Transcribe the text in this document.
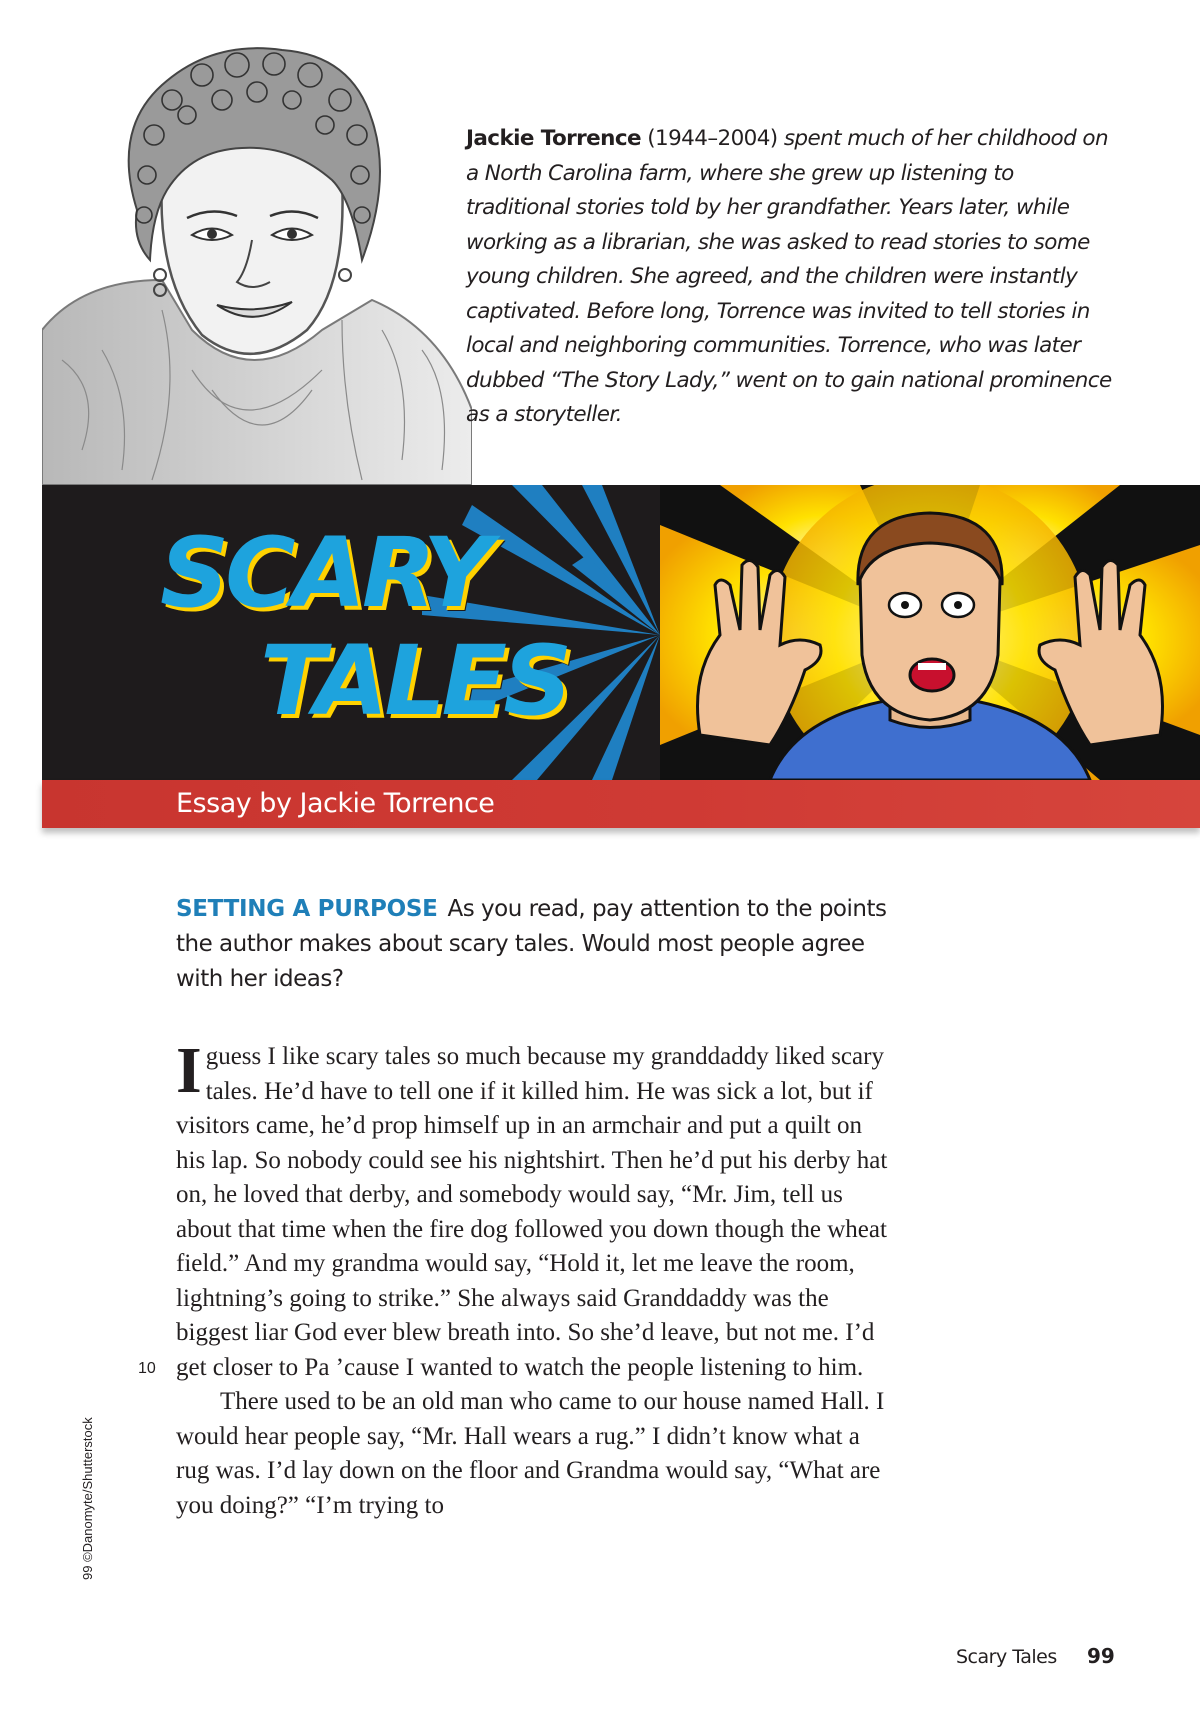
Jackie Torrence (1944–2004) spent much of her childhood on a North Carolina farm, where she grew up listening to traditional stories told by her grandfather. Years later, while working as a librarian, she was asked to read stories to some young children. She agreed, and the children were instantly captivated. Before long, Torrence was invited to tell stories in local and neighboring communities. Torrence, who was later dubbed “The Story Lady,” went on to gain national prominence as a storyteller.
SCARY
TALES
Essay by Jackie Torrence
SETTING A PURPOSE As you read, pay attention to the points the author makes about scary tales. Would most people agree with her ideas?

I guess I like scary tales so much because my granddaddy liked scary tales. He’d have to tell one if it killed him. He was sick a lot, but if visitors came, he’d prop himself up in an armchair and put a quilt on his lap. So nobody could see his nightshirt. Then he’d put his derby hat on, he loved that derby, and somebody would say, “Mr. Jim, tell us about that time when the fire dog followed you down though the wheat field.” And my grandma would say, “Hold it, let me leave the room, lightning’s going to strike.” She always said Granddaddy was the biggest liar God ever blew breath into. So she’d leave, but not me. I’d get closer to Pa ’cause I wanted to watch the people listening to him.

There used to be an old man who came to our house named Hall. I would hear people say, “Mr. Hall wears a rug.” I didn’t know what a rug was. I’d lay down on the floor and Grandma would say, “What are you doing?” “I’m trying to

10
99 ©Danomyte/Shutterstock
Scary Tales 99
